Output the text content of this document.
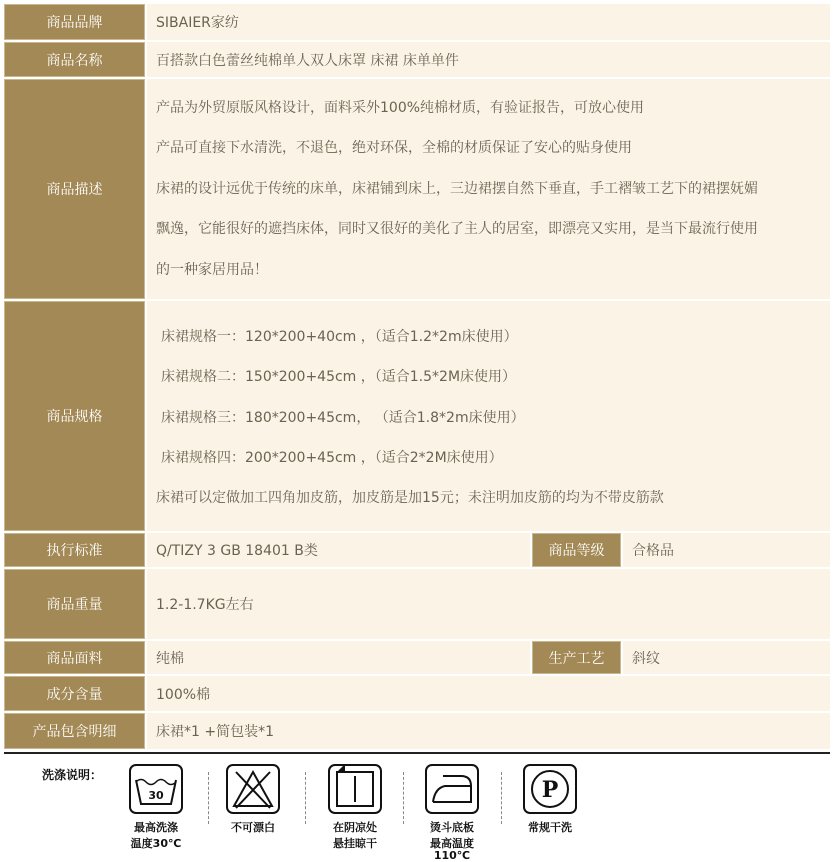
商品品牌	SIBAIER家纺
商品名称	百搭款白色蕾丝纯棉单人双人床罩 床裙 床单单件
商品描述
产品为外贸原版风格设计，面料采外100%纯棉材质，有验证报告，可放心使用
产品可直接下水清洗，不退色，绝对环保，全棉的材质保证了安心的贴身使用
床裙的设计远优于传统的床单，床裙铺到床上，三边裙摆自然下垂直，手工褶皱工艺下的裙摆妩媚
飘逸，它能很好的遮挡床体，同时又很好的美化了主人的居室，即漂亮又实用，是当下最流行使用
的一种家居用品！
商品规格
床裙规格一：120*200+40cm ，（适合1.2*2m床使用）
床裙规格二：150*200+45cm ，（适合1.5*2M床使用）
床裙规格三：180*200+45cm， （适合1.8*2m床使用）
床裙规格四：200*200+45cm ，（适合2*2M床使用）
床裙可以定做加工四角加皮筋，加皮筋是加15元；未注明加皮筋的均为不带皮筋款
执行标准	Q/TIZY 3 GB 18401 B类	商品等级	合格品
商品重量	1.2-1.7KG左右
商品面料	纯棉	生产工艺	斜纹
成分含量	100%棉
产品包含明细	床裙*1 +简包装*1
洗涤说明：
30
最高洗涤
温度30℃
不可漂白	在阴凉处
悬挂晾干
烫斗底板
最高温度110℃
P
常规干洗
